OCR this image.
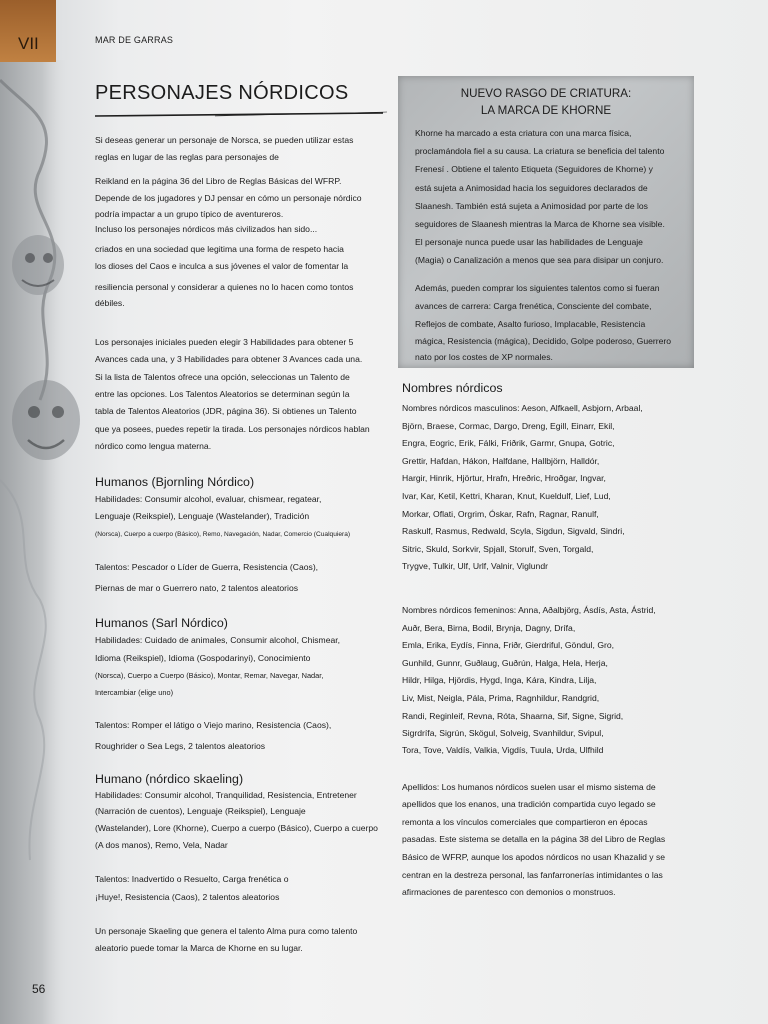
VII	MAR DE GARRAS
PERSONAJES NÓRDICOS

Si deseas generar un personaje de Norsca, se pueden utilizar estas

reglas en lugar de las reglas para personajes de

Reikland en la página 36 del Libro de Reglas Básicas del WFRP.

Depende de los jugadores y DJ pensar en cómo un personaje nórdico

podría impactar a un grupo típico de aventureros.

Incluso los personajes nórdicos más civilizados han sido...

criados en una sociedad que legitima una forma de respeto hacia

los dioses del Caos e inculca a sus jóvenes el valor de fomentar la

resiliencia personal y considerar a quienes no lo hacen como tontos

débiles.

Los personajes iniciales pueden elegir 3 Habilidades para obtener 5

Avances cada una, y 3 Habilidades para obtener 3 Avances cada una.

Si la lista de Talentos ofrece una opción, seleccionas un Talento de

entre las opciones. Los Talentos Aleatorios se determinan según la

tabla de Talentos Aleatorios (JDR, página 36). Si obtienes un Talento

que ya posees, puedes repetir la tirada. Los personajes nórdicos hablan

nórdico como lengua materna.

Humanos (Bjornling Nórdico)

Habilidades: Consumir alcohol, evaluar, chismear, regatear,

Lenguaje (Reikspiel), Lenguaje (Wastelander), Tradición

(Norsca), Cuerpo a cuerpo (Básico), Remo, Navegación, Nadar, Comercio (Cualquiera)

Talentos: Pescador o Líder de Guerra, Resistencia (Caos),

Piernas de mar o Guerrero nato, 2 talentos aleatorios

Humanos (Sarl Nórdico)

Habilidades: Cuidado de animales, Consumir alcohol, Chismear,

Idioma (Reikspiel), Idioma (Gospodarinyi), Conocimiento

(Norsca), Cuerpo a Cuerpo (Básico), Montar, Remar, Navegar, Nadar,

Intercambiar (elige uno)

Talentos: Romper el látigo o Viejo marino, Resistencia (Caos),

Roughrider o Sea Legs, 2 talentos aleatorios

Humano (nórdico skaeling)

Habilidades: Consumir alcohol, Tranquilidad, Resistencia, Entretener

(Narración de cuentos), Lenguaje (Reikspiel), Lenguaje

(Wastelander), Lore (Khorne), Cuerpo a cuerpo (Básico), Cuerpo a cuerpo

(A dos manos), Remo, Vela, Nadar

Talentos: Inadvertido o Resuelto, Carga frenética o

¡Huye!, Resistencia (Caos), 2 talentos aleatorios

Un personaje Skaeling que genera el talento Alma pura como talento

aleatorio puede tomar la Marca de Khorne en su lugar.

NUEVO RASGO DE CRIATURA:
LA MARCA DE KHORNE

Khorne ha marcado a esta criatura con una marca física,

proclamándola fiel a su causa. La criatura se beneficia del talento

Frenesí . Obtiene el talento Etiqueta (Seguidores de Khorne) y

está sujeta a Animosidad hacia los seguidores declarados de

Slaanesh. También está sujeta a Animosidad por parte de los

seguidores de Slaanesh mientras la Marca de Khorne sea visible.

El personaje nunca puede usar las habilidades de Lenguaje

(Magia) o Canalización a menos que sea para disipar un conjuro.

Además, pueden comprar los siguientes talentos como si fueran

avances de carrera: Carga frenética, Consciente del combate,

Reflejos de combate, Asalto furioso, Implacable, Resistencia

mágica, Resistencia (mágica), Decidido, Golpe poderoso, Guerrero

nato por los costes de XP normales.

Nombres nórdicos

Nombres nórdicos masculinos: Aeson, Alfkaell, Asbjorn, Arbaal,

Björn, Braese, Cormac, Dargo, Dreng, Egill, Einarr, Ekil,

Engra, Eogric, Erik, Fálki, Friðrik, Garmr, Gnupa, Gotric,

Grettir, Hafdan, Hákon, Halfdane, Hallbjörn, Halldór,

Hargir, Hinrik, Hjörtur, Hrafn, Hreðric, Hroðgar, Ingvar,

Ivar, Kar, Ketil, Kettri, Kharan, Knut, Kueldulf, Lief, Lud,

Morkar, Oflati, Orgrim, Óskar, Rafn, Ragnar, Ranulf,

Raskulf, Rasmus, Redwald, Scyla, Sigdun, Sigvald, Sindri,

Sitric, Skuld, Sorkvir, Spjall, Storulf, Sven, Torgald,

Trygve, Tulkir, Ulf, Urlf, Valnir, Viglundr

Nombres nórdicos femeninos: Anna, Aðalbjörg, Ásdís, Asta, Ástrid,

Auðr, Bera, Birna, Bodil, Brynja, Dagny, Drífa,

Emla, Erika, Eydís, Finna, Friðr, Gierdriful, Göndul, Gro,

Gunhild, Gunnr, Guðlaug, Guðrún, Halga, Hela, Herja,

Hildr, Hilga, Hjördis, Hygd, Inga, Kára, Kindra, Lilja,

Liv, Mist, Neigla, Pála, Prima, Ragnhildur, Randgrid,

Randi, Reginleif, Revna, Róta, Shaarna, Sif, Signe, Sigrid,

Sigrdrífa, Sigrún, Skögul, Solveig, Svanhildur, Svipul,

Tora, Tove, Valdís, Valkia, Vigdís, Tuula, Urda, Ulfhild

Apellidos: Los humanos nórdicos suelen usar el mismo sistema de

apellidos que los enanos, una tradición compartida cuyo legado se

remonta a los vínculos comerciales que compartieron en épocas

pasadas. Este sistema se detalla en la página 38 del Libro de Reglas

Básico de WFRP, aunque los apodos nórdicos no usan Khazalid y se

centran en la destreza personal, las fanfarronerías intimidantes o las

afirmaciones de parentesco con demonios o monstruos.

56
